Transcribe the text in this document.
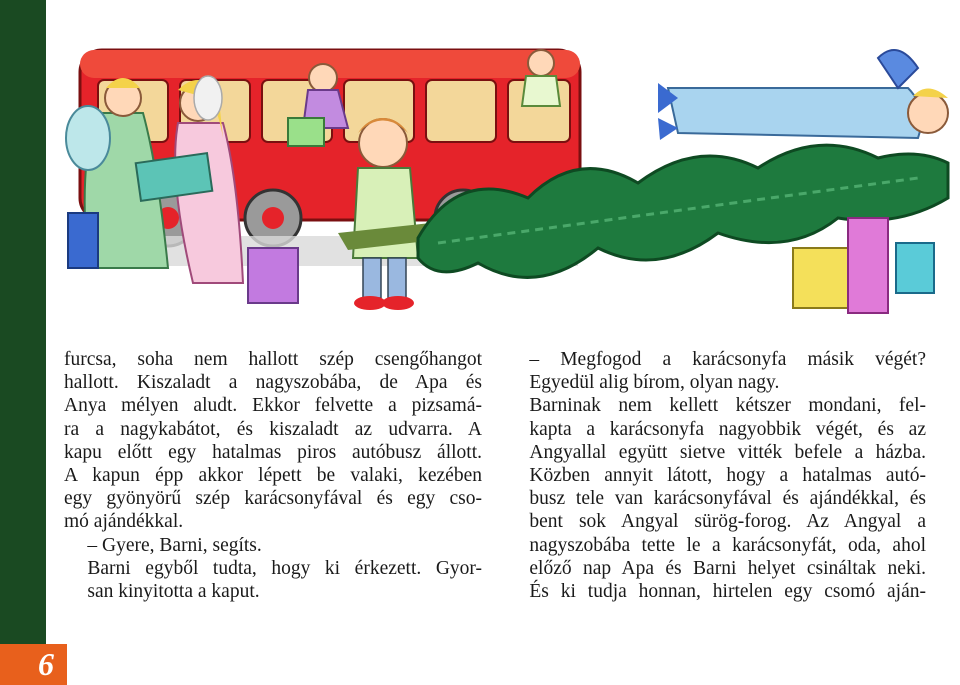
furcsa, soha nem hallott szép csengőhangot
hallott. Kiszaladt a nagyszobába, de Apa és
Anya mélyen aludt. Ekkor felvette a pizsamá-
ra a nagykabátot, és kiszaladt az udvarra. A
kapu előtt egy hatalmas piros autóbusz állott.
A kapun épp akkor lépett be valaki, kezében
egy gyönyörű szép karácsonyfával és egy cso-
mó ajándékkal.

– Gyere, Barni, segíts.

Barni egyből tudta, hogy ki érkezett. Gyor-
san kinyitotta a kaput.

– Megfogod a karácsonyfa másik végét?
Egyedül alig bírom, olyan nagy.

Barninak nem kellett kétszer mondani, fel-
kapta a karácsonyfa nagyobbik végét, és az
Angyallal együtt sietve vitték befele a házba.
Közben annyit látott, hogy a hatalmas autó-
busz tele van karácsonyfával és ajándékkal, és
bent sok Angyal sürög-forog. Az Angyal a
nagyszobába tette le a karácsonyfát, oda, ahol
előző nap Apa és Barni helyet csináltak neki.
És ki tudja honnan, hirtelen egy csomó aján-

6
